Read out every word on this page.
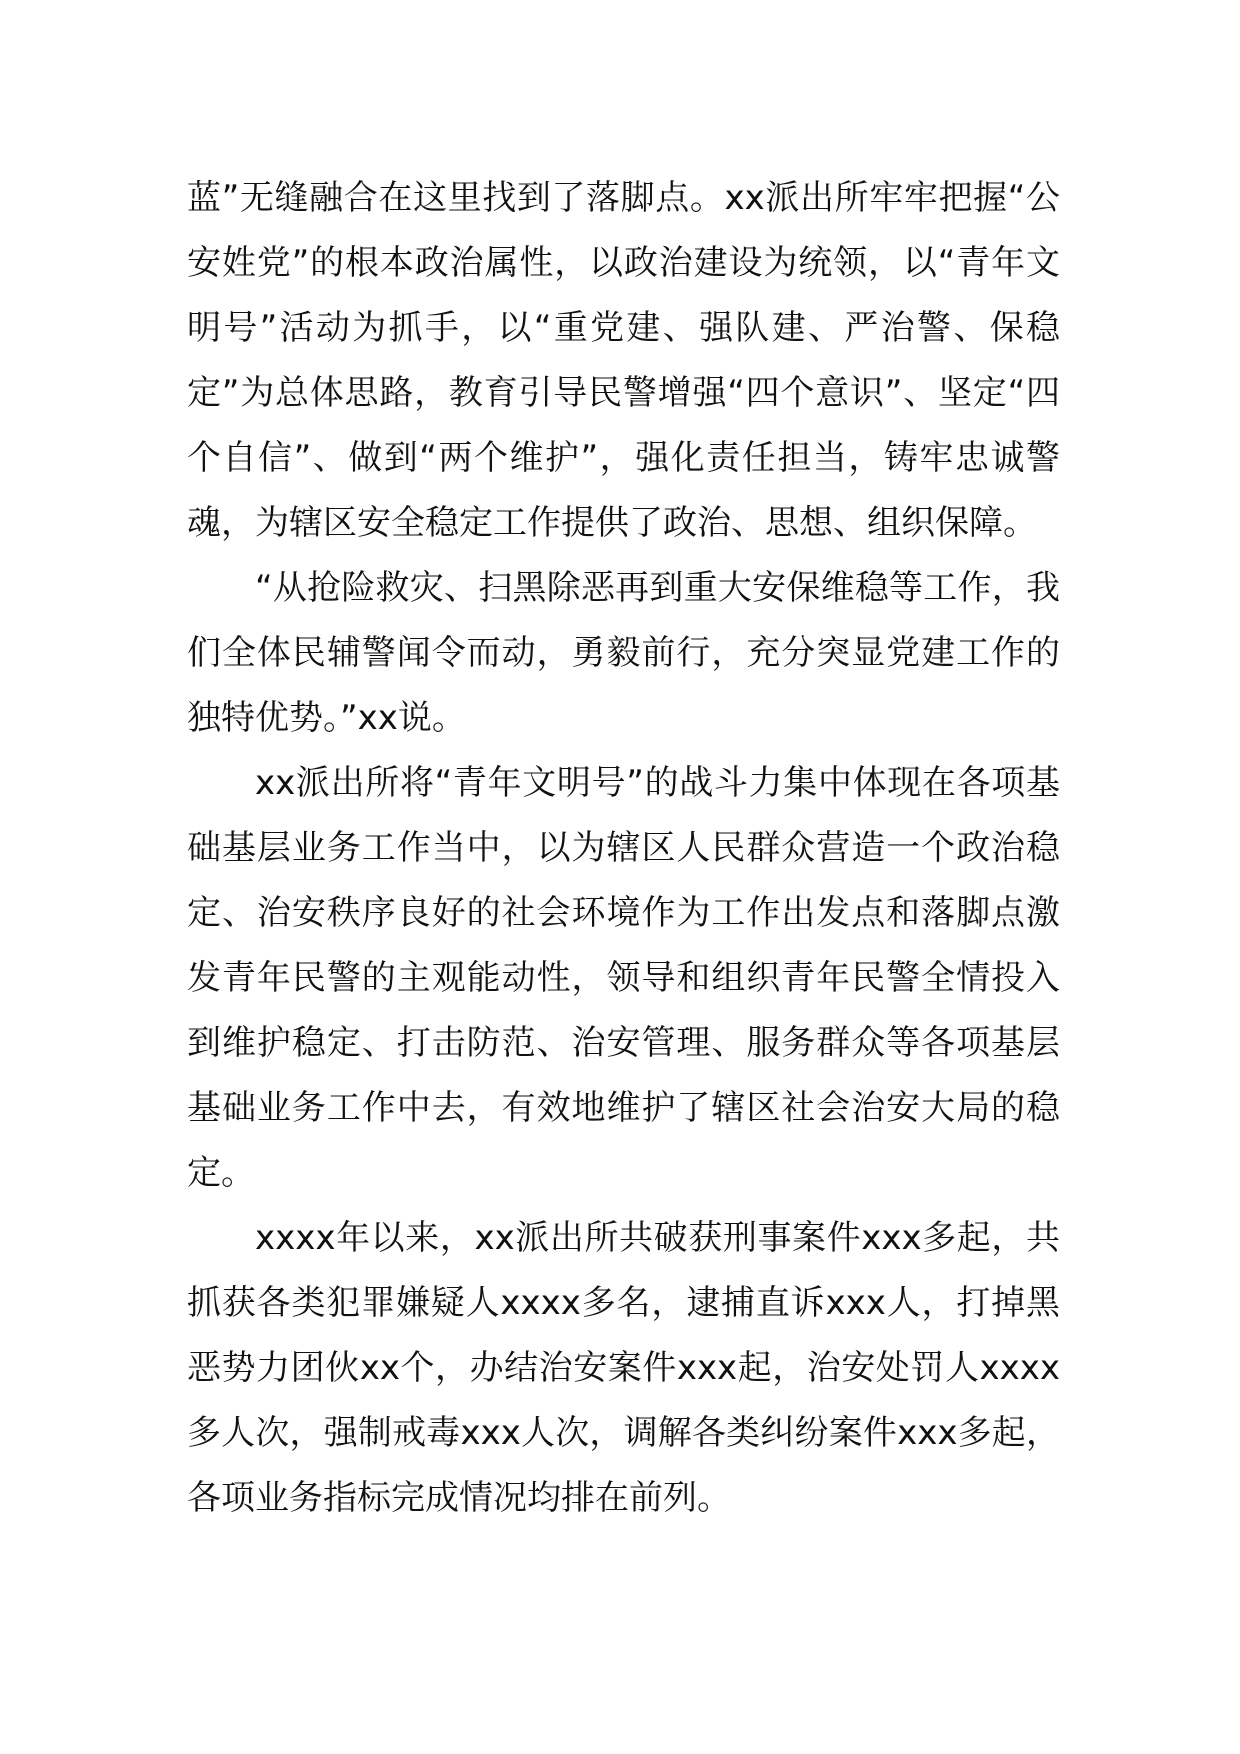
蓝”无缝融合在这里找到了落脚点。xx派出所牢牢把握“公安姓党”的根本政治属性，以政治建设为统领，以“青年文明号”活动为抓手，以“重党建、强队建、严治警、保稳定”为总体思路，教育引导民警增强“四个意识”、坚定“四个自信”、做到“两个维护”，强化责任担当，铸牢忠诚警魂，为辖区安全稳定工作提供了政治、思想、组织保障。

“从抢险救灾、扫黑除恶再到重大安保维稳等工作，我们全体民辅警闻令而动，勇毅前行，充分突显党建工作的独特优势。”xx说。

xx派出所将“青年文明号”的战斗力集中体现在各项基础基层业务工作当中，以为辖区人民群众营造一个政治稳定、治安秩序良好的社会环境作为工作出发点和落脚点激发青年民警的主观能动性，领导和组织青年民警全情投入到维护稳定、打击防范、治安管理、服务群众等各项基层基础业务工作中去，有效地维护了辖区社会治安大局的稳定。

xxxx年以来，xx派出所共破获刑事案件xxx多起，共抓获各类犯罪嫌疑人xxxx多名，逮捕直诉xxx人，打掉黑恶势力团伙xx个，办结治安案件xxx起，治安处罚人xxxx多人次，强制戒毒xxx人次，调解各类纠纷案件xxx多起，各项业务指标完成情况均排在前列。
